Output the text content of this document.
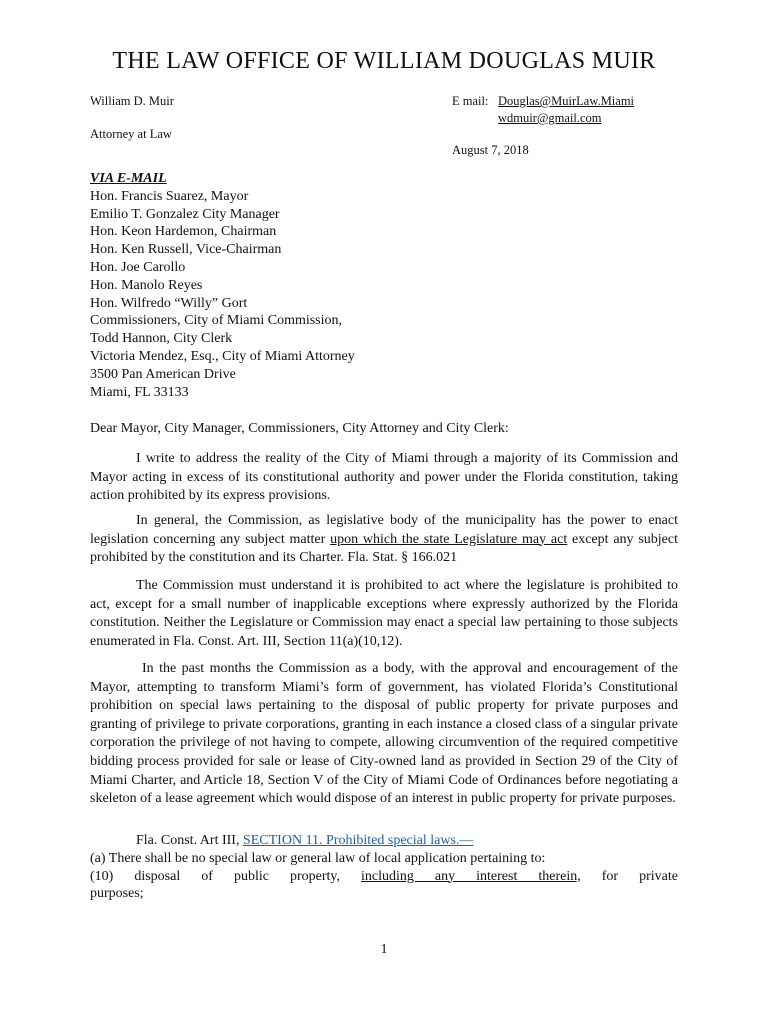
THE LAW OFFICE OF WILLIAM DOUGLAS MUIR
William D. Muir
Attorney at Law
E mail: Douglas@MuirLaw.Miami
wdmuir@gmail.com
August 7, 2018
VIA E-MAIL
Hon. Francis Suarez, Mayor
Emilio T. Gonzalez City Manager
Hon. Keon Hardemon, Chairman
Hon. Ken Russell, Vice-Chairman
Hon. Joe Carollo
Hon. Manolo Reyes
Hon. Wilfredo “Willy” Gort
Commissioners, City of Miami Commission,
Todd Hannon, City Clerk
Victoria Mendez, Esq., City of Miami Attorney
3500 Pan American Drive
Miami, FL 33133
Dear Mayor, City Manager, Commissioners, City Attorney and City Clerk:
I write to address the reality of the City of Miami through a majority of its Commission and Mayor acting in excess of its constitutional authority and power under the Florida constitution, taking action prohibited by its express provisions.
In general, the Commission, as legislative body of the municipality has the power to enact legislation concerning any subject matter upon which the state Legislature may act except any subject prohibited by the constitution and its Charter. Fla. Stat. § 166.021
The Commission must understand it is prohibited to act where the legislature is prohibited to act, except for a small number of inapplicable exceptions where expressly authorized by the Florida constitution. Neither the Legislature or Commission may enact a special law pertaining to those subjects enumerated in Fla. Const. Art. III, Section 11(a)(10,12).
In the past months the Commission as a body, with the approval and encouragement of the Mayor, attempting to transform Miami’s form of government, has violated Florida’s Constitutional prohibition on special laws pertaining to the disposal of public property for private purposes and granting of privilege to private corporations, granting in each instance a closed class of a singular private corporation the privilege of not having to compete, allowing circumvention of the required competitive bidding process provided for sale or lease of City-owned land as provided in Section 29 of the City of Miami Charter, and Article 18, Section V of the City of Miami Code of Ordinances before negotiating a skeleton of a lease agreement which would dispose of an interest in public property for private purposes.
Fla. Const. Art III, SECTION 11. Prohibited special laws.—
(a) There shall be no special law or general law of local application pertaining to:
(10) disposal of public property, including any interest therein, for private
purposes;
1
